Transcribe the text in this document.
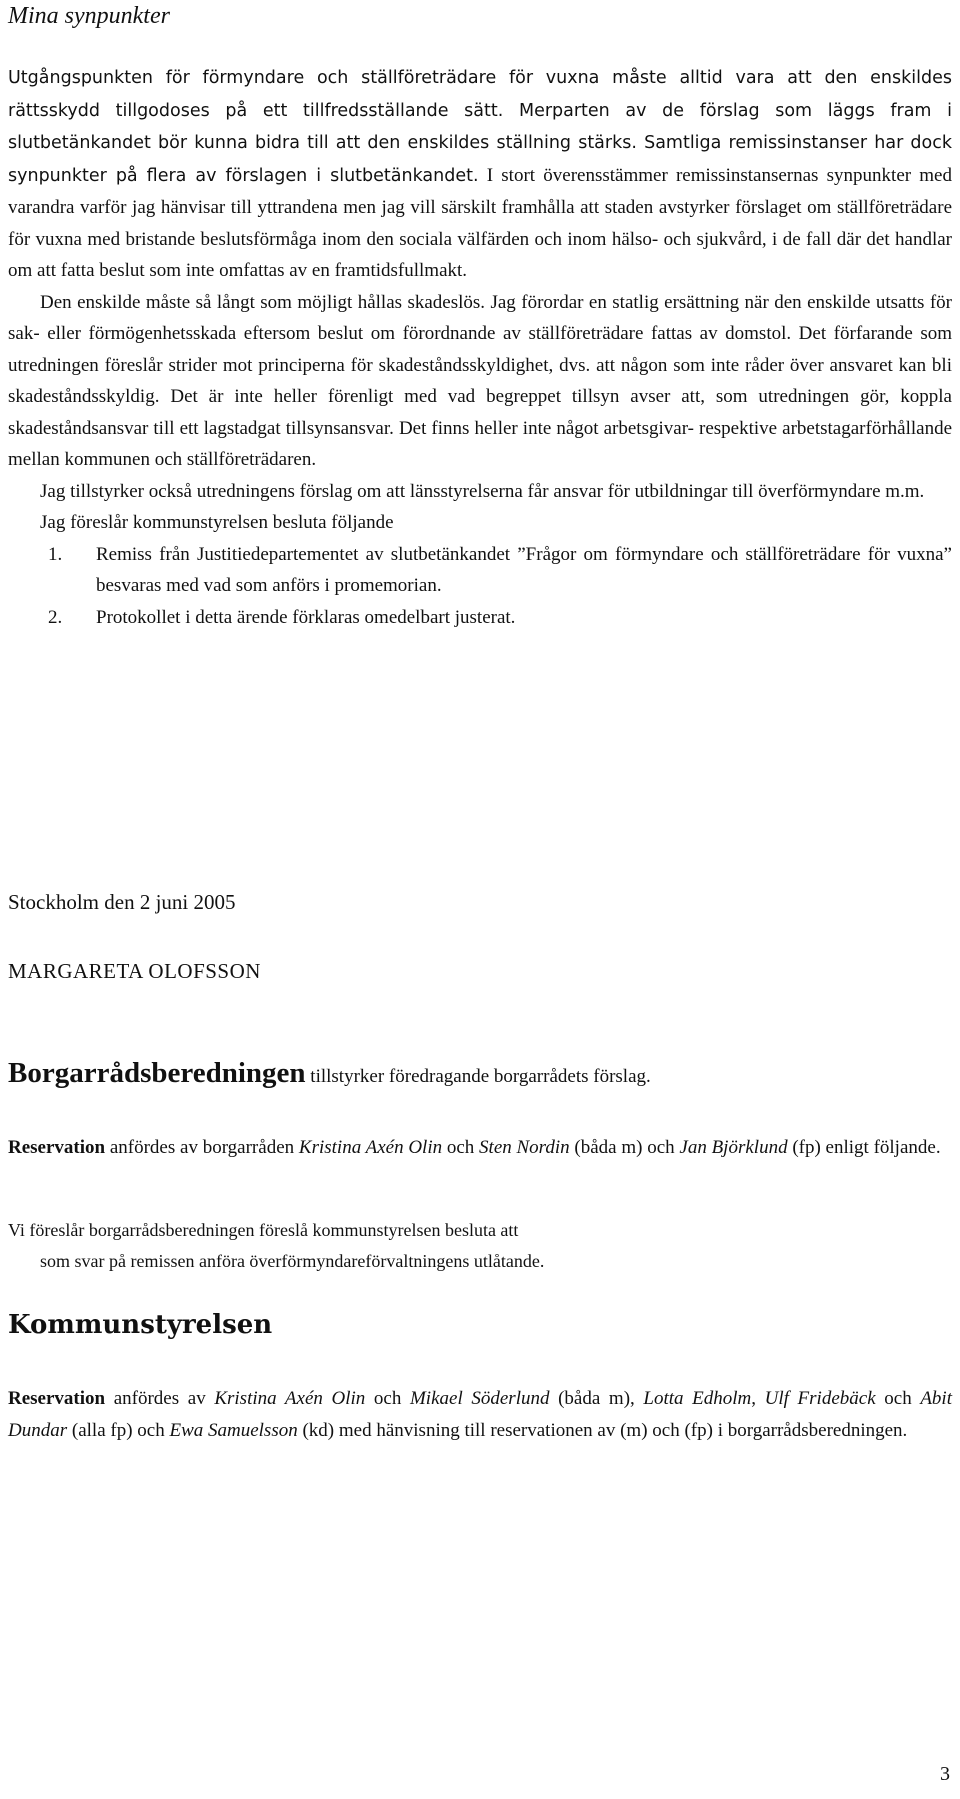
Mina synpunkter

Utgångspunkten för förmyndare och ställföreträdare för vuxna måste alltid vara att den enskildes rättsskydd tillgodoses på ett tillfredsställande sätt. Merparten av de förslag som läggs fram i slutbetänkandet bör kunna bidra till att den enskildes ställning stärks. Samtliga remissinstanser har dock synpunkter på flera av förslagen i slutbetänkandet. I stort överensstämmer remissinstansernas synpunkter med varandra varför jag hänvisar till yttrandena men jag vill särskilt framhålla att staden avstyrker förslaget om ställföreträdare för vuxna med bristande beslutsförmåga inom den sociala välfärden och inom hälso- och sjukvård, i de fall där det handlar om att fatta beslut som inte omfattas av en framtidsfullmakt.

Den enskilde måste så långt som möjligt hållas skadeslös. Jag förordar en statlig ersättning när den enskilde utsatts för sak- eller förmögenhetsskada eftersom beslut om förordnande av ställföreträdare fattas av domstol. Det förfarande som utredningen föreslår strider mot principerna för skadeståndsskyldighet, dvs. att någon som inte råder över ansvaret kan bli skadeståndsskyldig. Det är inte heller förenligt med vad begreppet tillsyn avser att, som utredningen gör, koppla skadeståndsansvar till ett lagstadgat tillsynsansvar. Det finns heller inte något arbetsgivar- respektive arbetstagarförhållande mellan kommunen och ställföreträdaren.

Jag tillstyrker också utredningens förslag om att länsstyrelserna får ansvar för utbildningar till överförmyndare m.m.

Jag föreslår kommunstyrelsen besluta följande

1. Remiss från Justitiedepartementet av slutbetänkandet ”Frågor om förmyndare och ställföreträdare för vuxna” besvaras med vad som anförs i promemorian.
2. Protokollet i detta ärende förklaras omedelbart justerat.
Stockholm den 2 juni 2005
MARGARETA OLOFSSON
Borgarrådsberedningen tillstyrker föredragande borgarrådets förslag.
Reservation anfördes av borgarråden Kristina Axén Olin och Sten Nordin (båda m) och Jan Björklund (fp) enligt följande.
Vi föreslår borgarrådsberedningen föreslå kommunstyrelsen besluta att
som svar på remissen anföra överförmyndareförvaltningens utlåtande.
Kommunstyrelsen
Reservation anfördes av Kristina Axén Olin och Mikael Söderlund (båda m), Lotta Edholm, Ulf Fridebäck och Abit Dundar (alla fp) och Ewa Samuelsson (kd) med hänvisning till reservationen av (m) och (fp) i borgarrådsberedningen.
3
